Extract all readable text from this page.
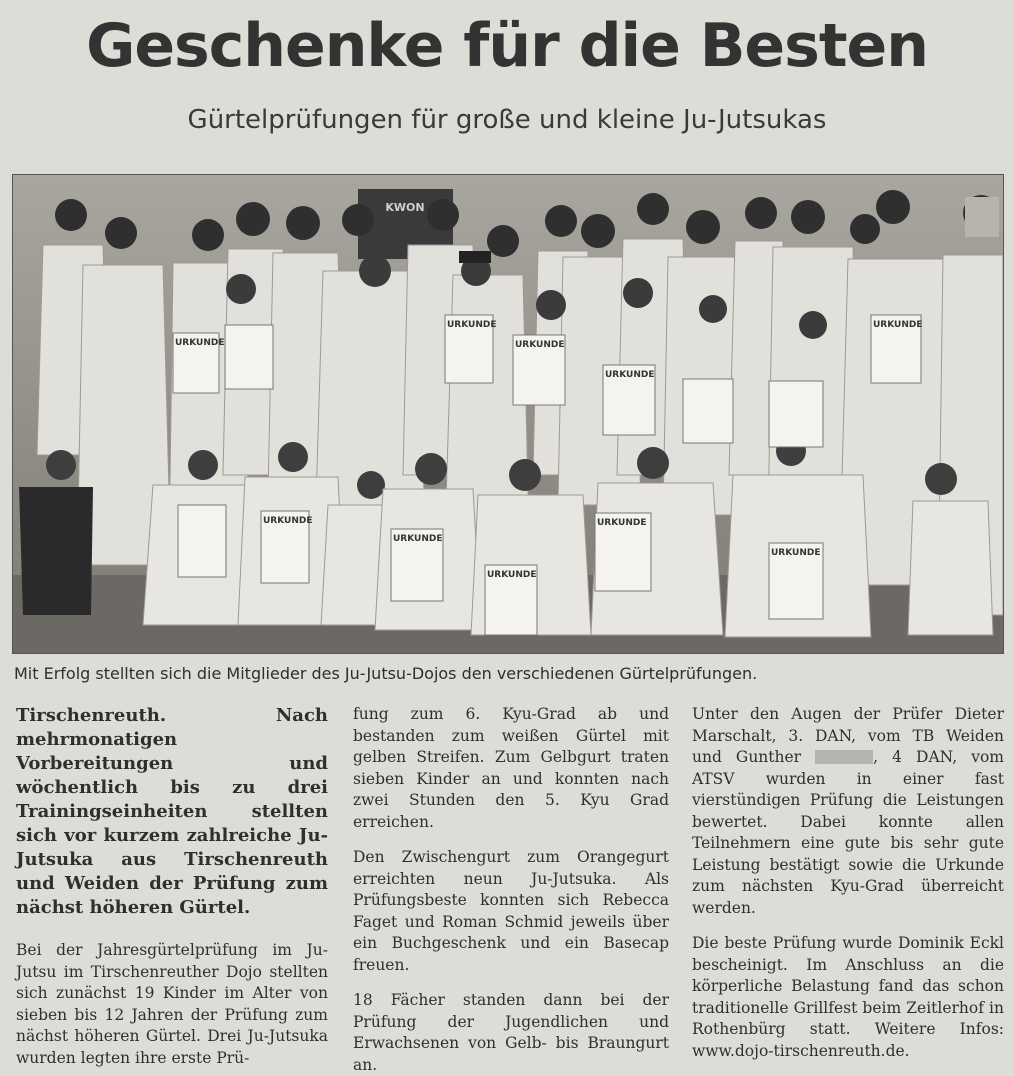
Geschenke für die Besten
Gürtelprüfungen für große und kleine Ju-Jutsukas
KWON
URKUNDE
URKUNDE
URKUNDE
URKUNDE
URKUNDE
URKUNDE
URKUNDE
URKUNDE
URKUNDE
URKUNDE
Mit Erfolg stellten sich die Mitglieder des Ju-Jutsu-Dojos den verschiedenen Gürtelprüfungen.

Tirschenreuth. Nach mehrmonatigen Vorbereitungen und wöchentlich bis zu drei Trainingseinheiten stellten sich vor kurzem zahlreiche Ju-Jutsuka aus Tirschenreuth und Weiden der Prüfung zum nächst höheren Gürtel.

Bei der Jahresgürtelprüfung im Ju-Jutsu im Tirschenreuther Dojo stellten sich zunächst 19 Kinder im Alter von sieben bis 12 Jahren der Prüfung zum nächst höheren Gürtel. Drei Ju-Jutsuka wurden legten ihre erste Prü-

fung zum 6. Kyu-Grad ab und bestanden zum weißen Gürtel mit gelben Streifen. Zum Gelbgurt traten sieben Kinder an und konnten nach zwei Stunden den 5. Kyu Grad erreichen.

Den Zwischengurt zum Orangegurt erreichten neun Ju-Jutsuka. Als Prüfungsbeste konnten sich Rebecca Faget und Roman Schmid jeweils über ein Buchgeschenk und ein Basecap freuen.

18 Fächer standen dann bei der Prüfung der Jugendlichen und Erwachsenen von Gelb- bis Braungurt an.

Unter den Augen der Prüfer Dieter Marschalt, 3. DAN, vom TB Weiden und Gunther	, 4 DAN, vom ATSV wurden in einer fast vierstündigen Prüfung die Leistungen bewertet. Dabei konnte allen Teilnehmern eine gute bis sehr gute Leistung bestätigt sowie die Urkunde zum nächsten Kyu-Grad überreicht werden.

Die beste Prüfung wurde Dominik Eckl bescheinigt. Im Anschluss an die körperliche Belastung fand das schon traditionelle Grillfest beim Zeitlerhof in Rothenbürg statt. Weitere Infos: www.dojo-tirschenreuth.de.
